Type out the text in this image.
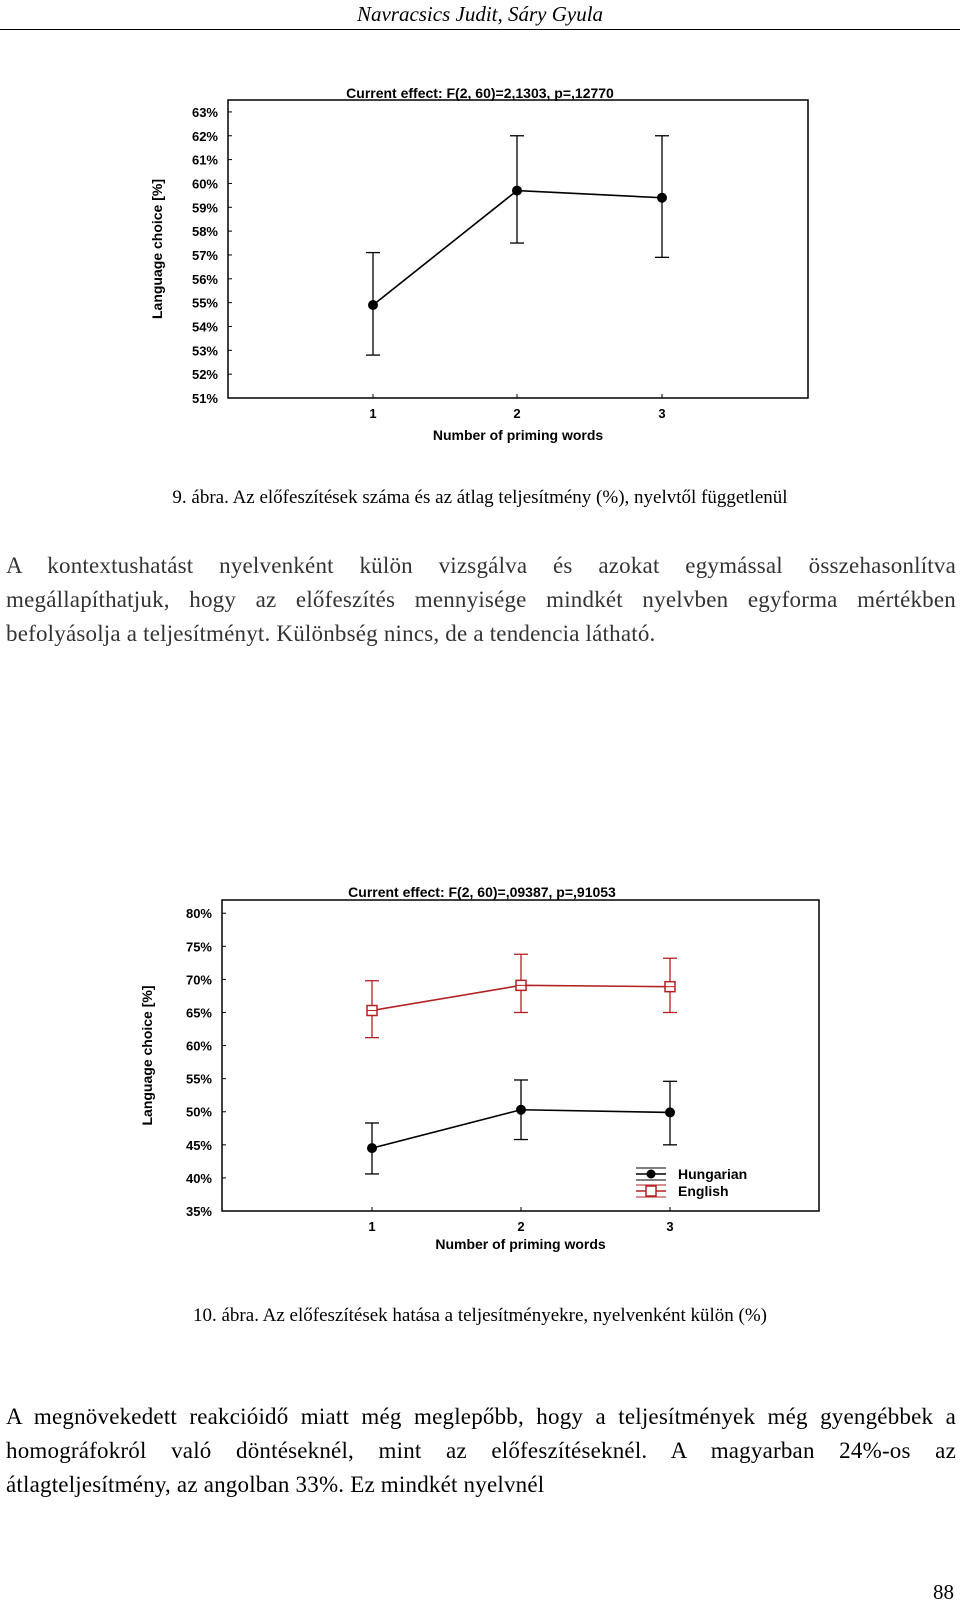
Navracsics Judit, Sáry Gyula
Current effect: F(2, 60)=2,1303, p=,12770
63%
62%
61%
60%
59%
58%
57%
56%
55%
54%
53%
52%
51%
1	2	3
Number of priming words
Language choice [%]
9. ábra. Az előfeszítések száma és az átlag teljesítmény (%), nyelvtől függetlenül
A kontextushatást nyelvenként külön vizsgálva és azokat egymással összehasonlítva megállapíthatjuk, hogy az előfeszítés mennyisége mindkét nyelvben egyforma mértékben befolyásolja a teljesítményt. Különbség nincs, de a tendencia látható.
Current effect: F(2, 60)=,09387, p=,91053
80%
75%
70%
65%
60%
55%
50%
45%
40%
35%
1	2	3
Number of priming words
Language choice [%]
Hungarian
English
10. ábra. Az előfeszítések hatása a teljesítményekre, nyelvenként külön (%)
A megnövekedett reakcióidő miatt még meglepőbb, hogy a teljesítmények még gyengébbek a homográfokról való döntéseknél, mint az előfeszítéseknél. A magyarban 24%-os az átlagteljesítmény, az angolban 33%. Ez mindkét nyelvnél
88
